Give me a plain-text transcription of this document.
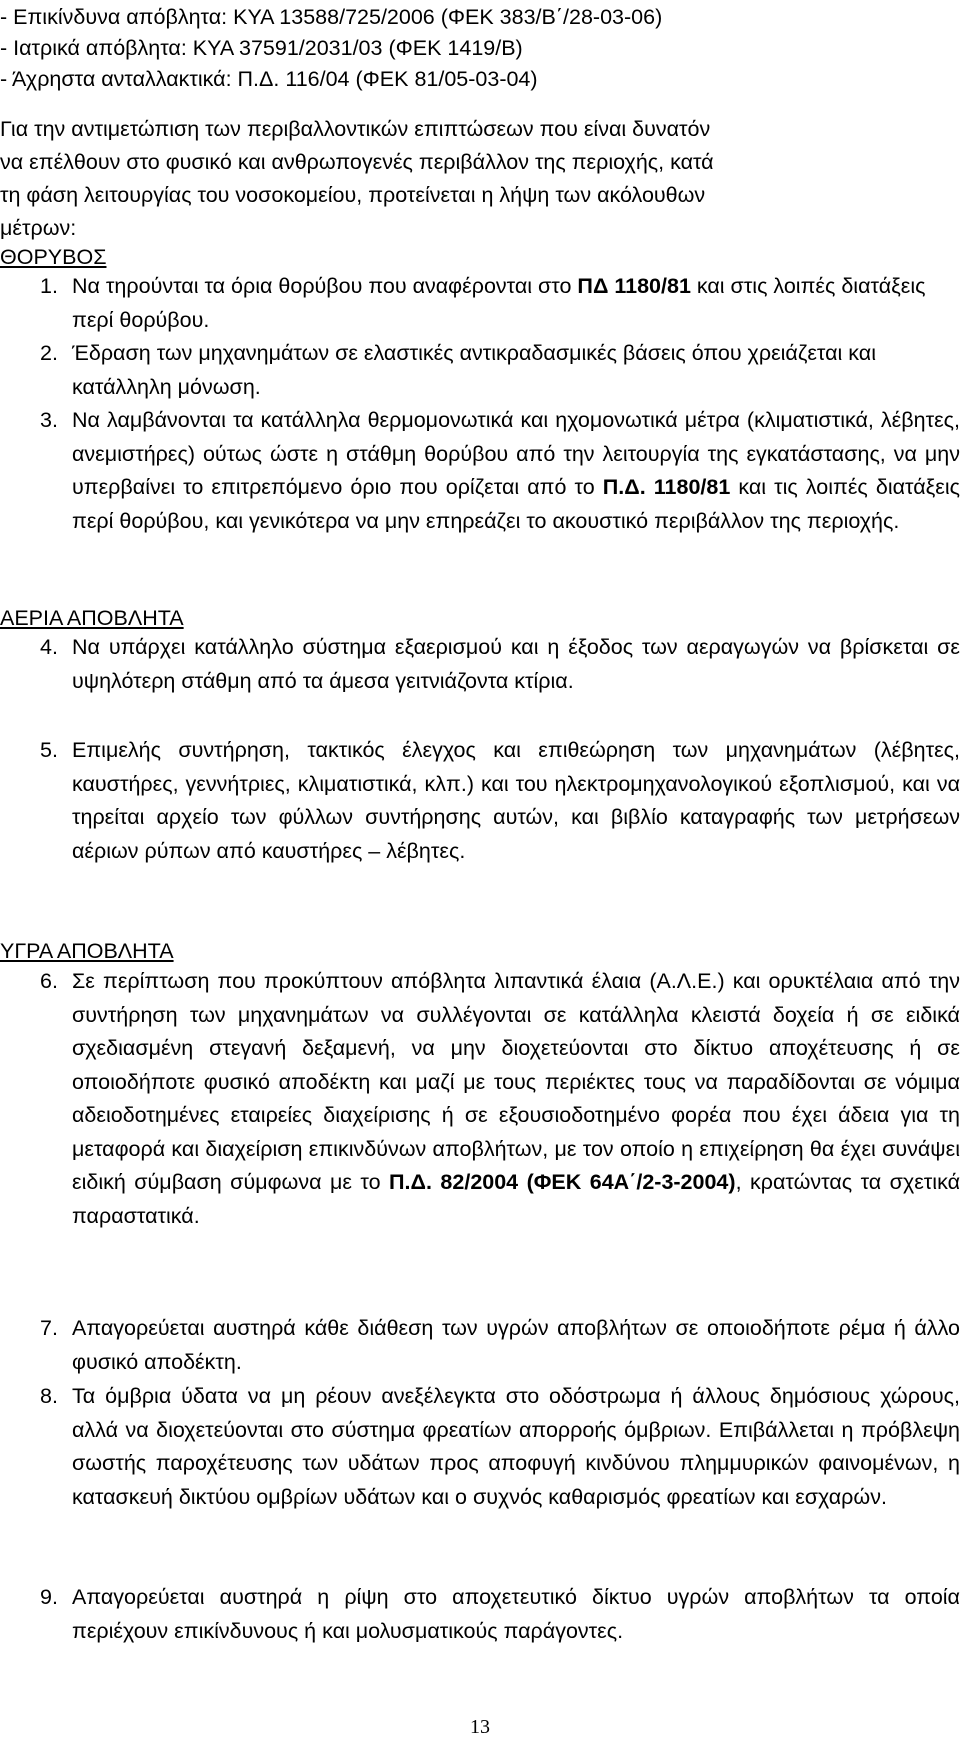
- Επικίνδυνα απόβλητα: ΚΥΑ 13588/725/2006 (ΦΕΚ 383/Β΄/28-03-06)
- Ιατρικά απόβλητα: ΚΥΑ 37591/2031/03 (ΦΕΚ 1419/Β)
- Άχρηστα ανταλλακτικά: Π.Δ. 116/04 (ΦΕΚ 81/05-03-04)
Για την αντιμετώπιση των περιβαλλοντικών επιπτώσεων που είναι δυνατόν
να επέλθουν στο φυσικό και ανθρωπογενές περιβάλλον της περιοχής, κατά
τη φάση λειτουργίας του νοσοκομείου, προτείνεται η λήψη των ακόλουθων
μέτρων:
ΘΟΡΥΒΟΣ
1. Να τηρούνται τα όρια θορύβου που αναφέρονται στο ΠΔ 1180/81 και στις λοιπές διατάξεις περί θορύβου.
2. Έδραση των μηχανημάτων σε ελαστικές αντικραδασμικές βάσεις όπου χρειάζεται και κατάλληλη μόνωση.
3. Να λαμβάνονται τα κατάλληλα θερμομονωτικά και ηχομονωτικά μέτρα (κλιματιστικά, λέβητες, ανεμιστήρες) ούτως ώστε η στάθμη θορύβου από την λειτουργία της εγκατάστασης, να μην υπερβαίνει το επιτρεπόμενο όριο που ορίζεται από το Π.Δ. 1180/81 και τις λοιπές διατάξεις περί θορύβου, και γενικότερα να μην επηρεάζει το ακουστικό περιβάλλον της περιοχής.
ΑΕΡΙΑ ΑΠΟΒΛΗΤΑ
4. Να υπάρχει κατάλληλο σύστημα εξαερισμού και η έξοδος των αεραγωγών να βρίσκεται σε υψηλότερη στάθμη από τα άμεσα γειτνιάζοντα κτίρια.
5. Επιμελής συντήρηση, τακτικός έλεγχος και επιθεώρηση των μηχανημάτων (λέβητες, καυστήρες, γεννήτριες, κλιματιστικά, κλπ.) και του ηλεκτρομηχανολογικού εξοπλισμού, και να τηρείται αρχείο των φύλλων συντήρησης αυτών, και βιβλίο καταγραφής των μετρήσεων αέριων ρύπων από καυστήρες – λέβητες.
ΥΓΡΑ ΑΠΟΒΛΗΤΑ
6. Σε περίπτωση που προκύπτουν απόβλητα λιπαντικά έλαια (Α.Λ.Ε.) και ορυκτέλαια από την συντήρηση των μηχανημάτων να συλλέγονται σε κατάλληλα κλειστά δοχεία ή σε ειδικά σχεδιασμένη στεγανή δεξαμενή, να μην διοχετεύονται στο δίκτυο αποχέτευσης ή σε οποιοδήποτε φυσικό αποδέκτη και μαζί με τους περιέκτες τους να παραδίδονται σε νόμιμα αδειοδοτημένες εταιρείες διαχείρισης ή σε εξουσιοδοτημένο φορέα που έχει άδεια για τη μεταφορά και διαχείριση επικινδύνων αποβλήτων, με τον οποίο η επιχείρηση θα έχει συνάψει ειδική σύμβαση σύμφωνα με το Π.Δ. 82/2004 (ΦΕΚ 64Α΄/2-3-2004), κρατώντας τα σχετικά παραστατικά.
7. Απαγορεύεται αυστηρά κάθε διάθεση των υγρών αποβλήτων σε οποιοδήποτε ρέμα ή άλλο φυσικό αποδέκτη.
8. Τα όμβρια ύδατα να μη ρέουν ανεξέλεγκτα στο οδόστρωμα ή άλλους δημόσιους χώρους, αλλά να διοχετεύονται στο σύστημα φρεατίων απορροής όμβριων. Επιβάλλεται η πρόβλεψη σωστής παροχέτευσης των υδάτων προς αποφυγή κινδύνου πλημμυρικών φαινομένων, η κατασκευή δικτύου ομβρίων υδάτων και ο συχνός καθαρισμός φρεατίων και εσχαρών.
9. Απαγορεύεται αυστηρά η ρίψη στο αποχετευτικό δίκτυο υγρών αποβλήτων τα οποία περιέχουν επικίνδυνους ή και μολυσματικούς παράγοντες.
13
